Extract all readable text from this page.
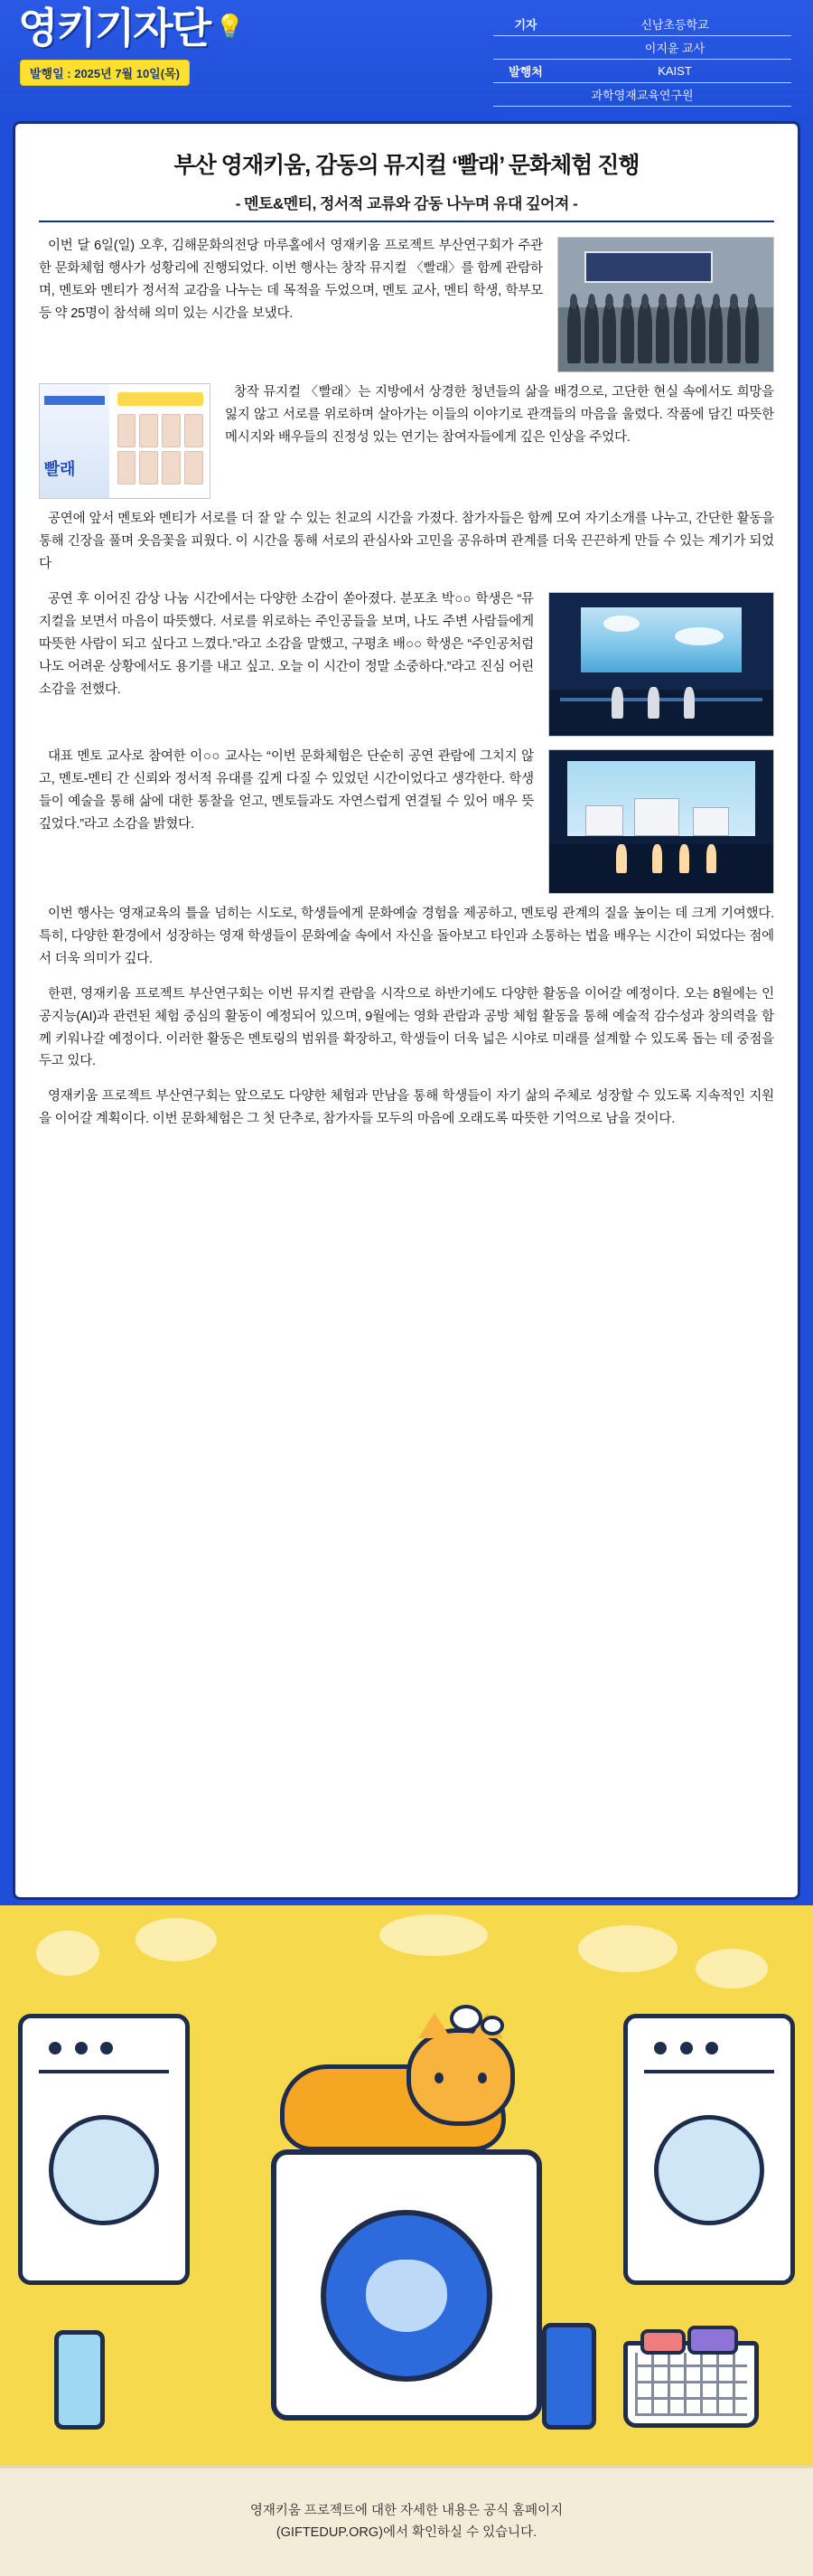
영키기자단 💡
발행일 : 2025년 7월 10일(목)
기자	신남초등학교
이지윤 교사
발행처	KAIST
과학영재교육연구원
부산 영재키움, 감동의 뮤지컬 ‘빨래’ 문화체험 진행
- 멘토&멘티, 정서적 교류와 감동 나누며 유대 깊어져 -

이번 달 6일(일) 오후, 김해문화의전당 마루홀에서 영재키움 프로젝트 부산연구회가 주관한 문화체험 행사가 성황리에 진행되었다. 이번 행사는 창작 뮤지컬 〈빨래〉를 함께 관람하며, 멘토와 멘티가 정서적 교감을 나누는 데 목적을 두었으며, 멘토 교사, 멘티 학생, 학부모 등 약 25명이 참석해 의미 있는 시간을 보냈다.

빨래

창작 뮤지컬 〈빨래〉는 지방에서 상경한 청년들의 삶을 배경으로, 고단한 현실 속에서도 희망을 잃지 않고 서로를 위로하며 살아가는 이들의 이야기로 관객들의 마음을 울렸다. 작품에 담긴 따뜻한 메시지와 배우들의 진정성 있는 연기는 참여자들에게 깊은 인상을 주었다.

공연에 앞서 멘토와 멘티가 서로를 더 잘 알 수 있는 친교의 시간을 가졌다. 참가자들은 함께 모여 자기소개를 나누고, 간단한 활동을 통해 긴장을 풀며 웃음꽃을 피웠다. 이 시간을 통해 서로의 관심사와 고민을 공유하며 관계를 더욱 끈끈하게 만들 수 있는 계기가 되었다

공연 후 이어진 감상 나눔 시간에서는 다양한 소감이 쏟아졌다. 분포초 박○○ 학생은 “뮤지컬을 보면서 마음이 따뜻했다. 서로를 위로하는 주인공들을 보며, 나도 주변 사람들에게 따뜻한 사람이 되고 싶다고 느꼈다.”라고 소감을 말했고, 구평초 배○○ 학생은 “주인공처럼 나도 어려운 상황에서도 용기를 내고 싶고. 오늘 이 시간이 정말 소중하다.”라고 진심 어린 소감을 전했다.

대표 멘토 교사로 참여한 이○○ 교사는 “이번 문화체험은 단순히 공연 관람에 그치지 않고, 멘토-멘티 간 신뢰와 정서적 유대를 깊게 다질 수 있었던 시간이었다고 생각한다. 학생들이 예술을 통해 삶에 대한 통찰을 얻고, 멘토들과도 자연스럽게 연결될 수 있어 매우 뜻깊었다.”라고 소감을 밝혔다.

이번 행사는 영재교육의 틀을 넘히는 시도로, 학생들에게 문화예술 경험을 제공하고, 멘토링 관계의 질을 높이는 데 크게 기여했다. 특히, 다양한 환경에서 성장하는 영재 학생들이 문화예술 속에서 자신을 돌아보고 타인과 소통하는 법을 배우는 시간이 되었다는 점에서 더욱 의미가 깊다.

한편, 영재키움 프로젝트 부산연구회는 이번 뮤지컬 관람을 시작으로 하반기에도 다양한 활동을 이어갈 예정이다. 오는 8월에는 인공지능(AI)과 관련된 체험 중심의 활동이 예정되어 있으며, 9월에는 영화 관람과 공방 체험 활동을 통해 예술적 감수성과 창의력을 함께 키워나갈 예정이다. 이러한 활동은 멘토링의 범위를 확장하고, 학생들이 더욱 넓은 시야로 미래를 설계할 수 있도록 돕는 데 중점을 두고 있다.

영재키움 프로젝트 부산연구회는 앞으로도 다양한 체험과 만남을 통해 학생들이 자기 삶의 주체로 성장할 수 있도록 지속적인 지원을 이어갈 계획이다. 이번 문화체험은 그 첫 단추로, 참가자들 모두의 마음에 오래도록 따뜻한 기억으로 남을 것이다.

영재키움 프로젝트에 대한 자세한 내용은 공식 홈페이지
(GIFTEDUP.ORG)에서 확인하실 수 있습니다.
